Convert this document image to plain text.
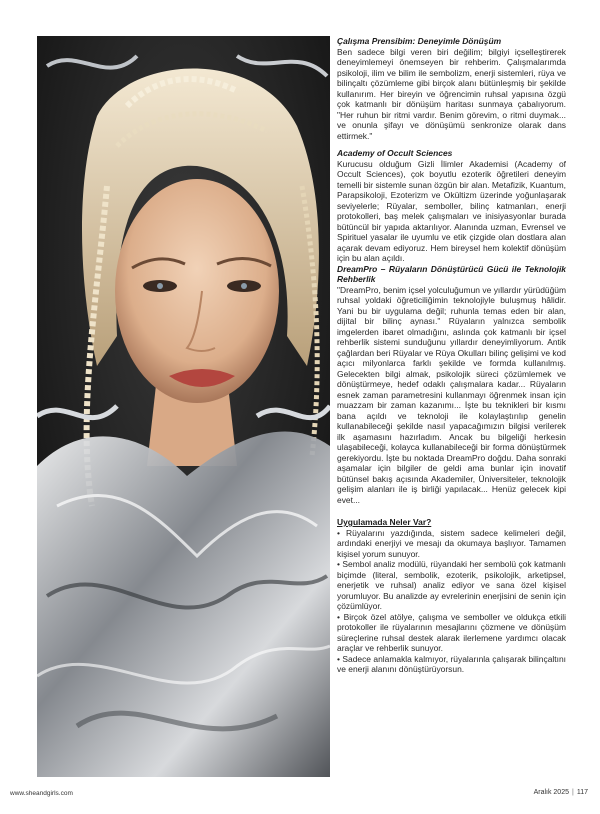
Çalışma Prensibim: Deneyimle Dönüşüm

Ben sadece bilgi veren biri değilim; bilgiyi içselleştirerek deneyimlemeyi önemseyen bir rehberim. Çalışmalarımda psikoloji, ilim ve bilim ile sembolizm, enerji sistemleri, rüya ve bilinçaltı çözümleme gibi birçok alanı bütünleşmiş bir şekilde kullanırım. Her bireyin ve öğrencimin ruhsal yapısına özgü çok katmanlı bir dönüşüm haritası sunmaya çabalıyorum. "Her ruhun bir ritmi vardır. Benim görevim, o ritmi duymak... ve onunla şifayı ve dönüşümü senkronize olarak dans ettirmek."

Academy of Occult Sciences

Kurucusu olduğum Gizli İlimler Akademisi (Academy of Occult Sciences), çok boyutlu ezoterik öğretileri deneyim temelli bir sistemle sunan özgün bir alan. Metafizik, Kuantum, Parapsikoloji, Ezoterizm ve Okültizm üzerinde yoğunlaşarak seviyelerle; Rüyalar, semboller, bilinç katmanları, enerji protokolleri, baş melek çalışmaları ve inisiyasyonlar burada bütüncül bir yapıda aktarılıyor. Alanında uzman, Evrensel ve Spirituel yasalar ile uyumlu ve etik çizgide olan dostlara alan açarak devam ediyoruz. Hem bireysel hem kolektif dönüşüm için bu alan açıldı.

DreamPro – Rüyaların Dönüştürücü Gücü ile Teknolojik Rehberlik

"DreamPro, benim içsel yolculuğumun ve yıllardır yürüdüğüm ruhsal yoldaki öğreticiliğimin teknolojiyle buluşmuş hâlidir. Yani bu bir uygulama değil; ruhunla temas eden bir alan, dijital bir bilinç aynası." Rüyaların yalnızca sembolik imgelerden ibaret olmadığını, aslında çok katmanlı bir içsel rehberlik sistemi sunduğunu yıllardır deneyimliyorum. Antik çağlardan beri Rüyalar ve Rüya Okulları bilinç gelişimi ve kod açıcı milyonlarca farklı şekilde ve formda kullanılmış. Gelecekten bilgi almak, psikolojik süreci çözümlemek ve dönüştürmeye, hedef odaklı çalışmalara kadar... Rüyaların esnek zaman parametresini kullanmayı öğrenmek insan için muazzam bir zaman kazanımı... İşte bu teknikleri bir kısmı bana açıldı ve teknoloji ile kolaylaştırılıp genelin kullanabileceği şekilde nasıl yapacağımızın bilgisi verilerek ilk aşamasını hazırladım. Ancak bu bilgeliği herkesin ulaşabileceği, kolayca kullanabileceği bir forma dönüştürmek gerekiyordu. İşte bu noktada DreamPro doğdu. Daha sonraki aşamalar için bilgiler de geldi ama bunlar için inovatif bütünsel bakış açısında Akademiler, Üniversiteler, teknolojik gelişim alanları ile iş birliği yapılacak... Henüz gelecek kipi evet...

Uygulamada Neler Var?

• Rüyalarını yazdığında, sistem sadece kelimeleri değil, ardındaki enerjiyi ve mesajı da okumaya başlıyor. Tamamen kişisel yorum sunuyor.

• Sembol analiz modülü, rüyandaki her sembolü çok katmanlı biçimde (literal, sembolik, ezoterik, psikolojik, arketipsel, enerjetik ve ruhsal) analiz ediyor ve sana özel kişisel yorumluyor. Bu analizde ay evrelerinin enerjisini de senin için çözümlüyor.

• Birçok özel atölye, çalışma ve semboller ve oldukça etkili protokoller ile rüyalarının mesajlarını çözmene ve dönüşüm süreçlerine ruhsal destek alarak ilerlemene yardımcı olacak araçlar ve rehberlik sunuyor.

• Sadece anlamakla kalmıyor, rüyalarınla çalışarak bilinçaltını ve enerji alanını dönüştürüyorsun.

www.sheandgirls.com	Aralık 2025 | 117
